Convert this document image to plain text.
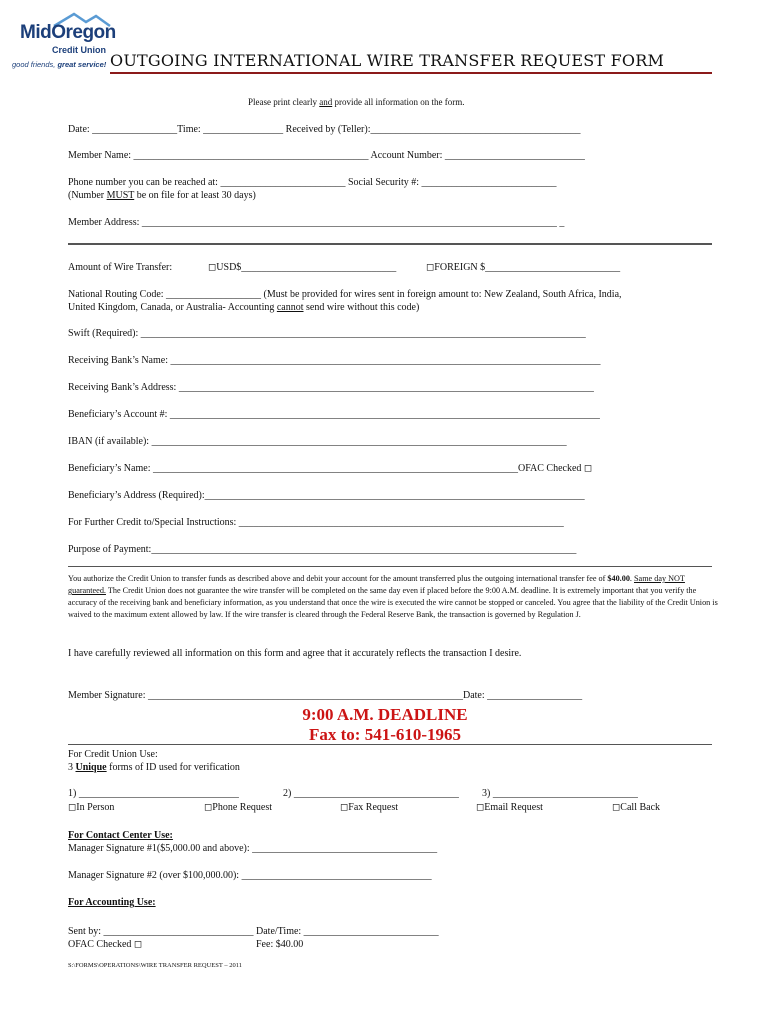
MidOregon
Credit Union
good friends, great service! OUTGOING INTERNATIONAL WIRE TRANSFER REQUEST FORM
Please print clearly and provide all information on the form.
Date: _________________Time: ________________ Received by (Teller):__________________________________________
Member Name: _______________________________________________ Account Number: ____________________________
Phone number you can be reached at: _________________________ Social Security #: ___________________________
(Number MUST be on file for at least 30 days)
Member Address: ___________________________________________________________________________________ _
Amount of Wire Transfer:	◻USD$_______________________________	◻FOREIGN $___________________________
National Routing Code: ___________________ (Must be provided for wires sent in foreign amount to: New Zealand, South Africa, India,
United Kingdom, Canada, or Australia- Accounting cannot send wire without this code)
Swift (Required): _________________________________________________________________________________________
Receiving Bank’s Name: ______________________________________________________________________________________
Receiving Bank’s Address: ___________________________________________________________________________________
Beneficiary’s Account #: ______________________________________________________________________________________
IBAN (if available): ___________________________________________________________________________________
Beneficiary’s Name: _________________________________________________________________________OFAC Checked ◻
Beneficiary’s Address (Required):____________________________________________________________________________
For Further Credit to/Special Instructions: _________________________________________________________________
Purpose of Payment:_____________________________________________________________________________________
You authorize the Credit Union to transfer funds as described above and debit your account for the amount transferred plus the outgoing international transfer fee of $40.00. Same day NOT guaranteed. The Credit Union does not guarantee the wire transfer will be completed on the same day even if placed before the 9:00 A.M. deadline. It is extremely important that you verify the accuracy of the receiving bank and beneficiary information, as you understand that once the wire is executed the wire cannot be stopped or canceled. You agree that the liability of the Credit Union is waived to the maximum extent allowed by law. If the wire transfer is cleared through the Federal Reserve Bank, the transaction is governed by Regulation J.
I have carefully reviewed all information on this form and agree that it accurately reflects the transaction I desire.
Member Signature: _______________________________________________________________Date: ___________________
9:00 A.M. DEADLINE
Fax to: 541-610-1965
For Credit Union Use:
3 Unique forms of ID used for verification
1) ________________________________	2) _________________________________ 3) _____________________________
◻In Person	◻Phone Request	◻Fax Request	◻Email Request	◻Call Back
For Contact Center Use:
Manager Signature #1($5,000.00 and above): _____________________________________
Manager Signature #2 (over $100,000.00): ______________________________________
For Accounting Use:
Sent by: ______________________________ Date/Time: ___________________________
OFAC Checked ◻	Fee: $40.00
S:\FORMS\OPERATIONS\WIRE TRANSFER REQUEST – 2011
